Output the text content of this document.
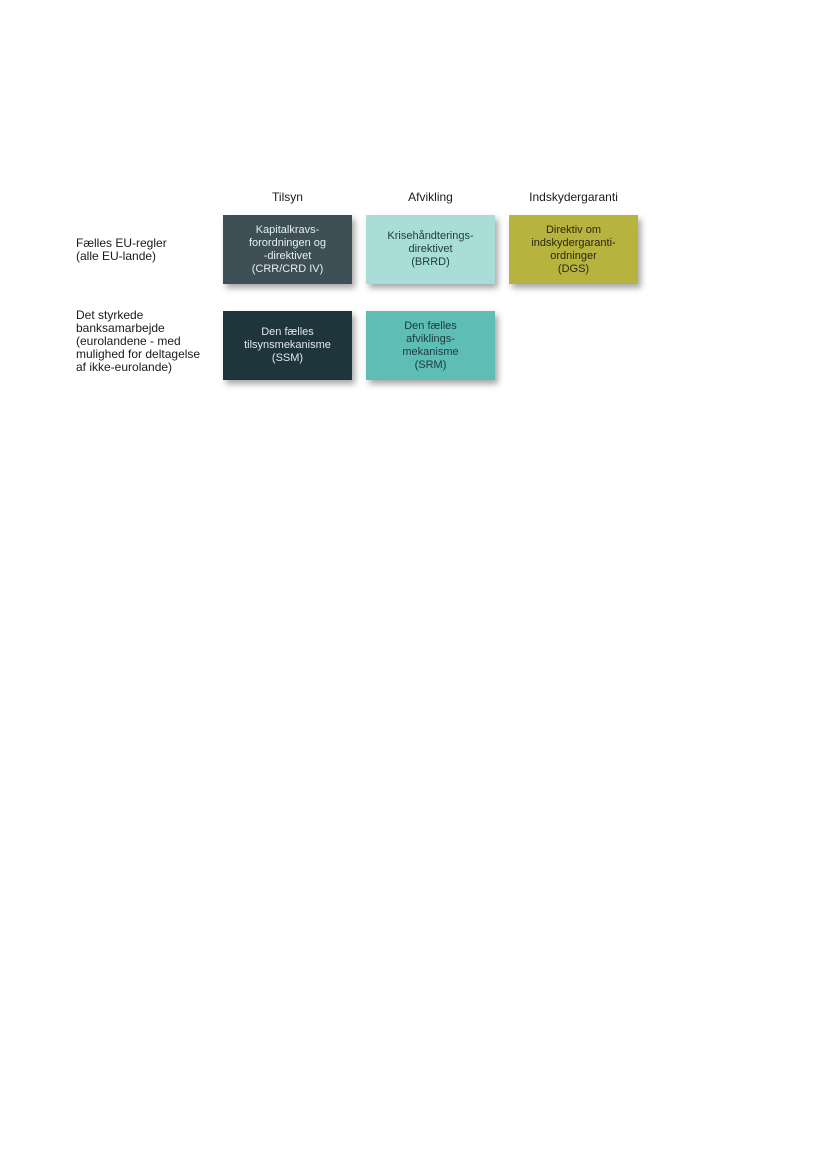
Tilsyn	Afvikling	Indskydergaranti
Fælles EU-regler
(alle EU-lande)
Det styrkede
banksamarbejde
(eurolandene - med
mulighed for deltagelse
af ikke-eurolande)
Kapitalkravs-
forordningen og
-direktivet
(CRR/CRD IV)
Krisehåndterings-
direktivet
(BRRD)
Direktiv om
indskydergaranti-
ordninger
(DGS)
Den fælles
tilsynsmekanisme
(SSM)
Den fælles
afviklings-
mekanisme
(SRM)
